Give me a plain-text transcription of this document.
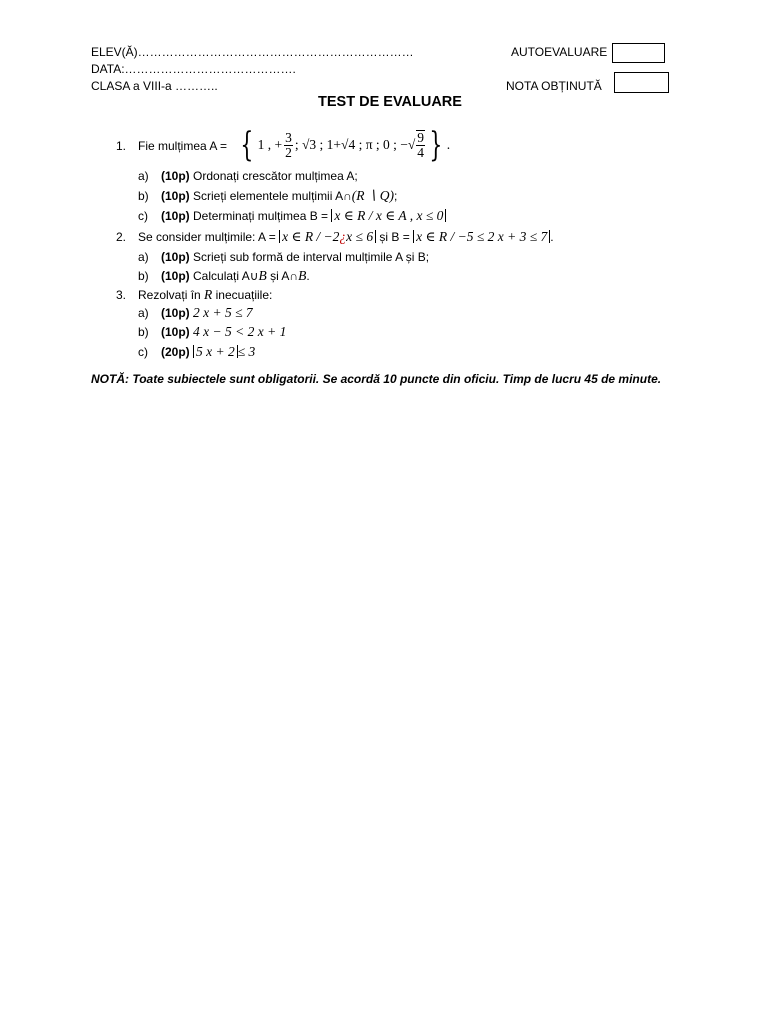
ELEV(Ă)……………………………………………………………
DATA:…………………………………….
CLASA a VIII-a ………..
AUTOEVALUARE
NOTA OBȚINUTĂ
TEST DE EVALUARE
1. Fie mulțimea A = { 1 , + $\frac{3}{2}$ ; √3 ; 1+√4 ; π ; 0 ; −√ $\frac{9}{4}$ } .
a) (10p) Ordonați crescător mulțimea A;
b) (10p) Scrieți elementele mulțimii A∩(R ∖ Q);
c) (10p) Determinați mulțimea B = x ∈ R / x ∈ A , x ≤ 0
2. Se consider mulțimile: A = x ∈ R / −2¿x ≤ 6 și B = x ∈ R / −5 ≤ 2 x + 3 ≤ 7 .
a) (10p) Scrieți sub formă de interval mulțimile A și B;
b) (10p) Calculați A∪B și A∩B.
3. Rezolvați în R inecuațiile:
a) (10p) 2 x + 5 ≤ 7
b) (10p) 4 x − 5 < 2 x + 1
c) (20p) 5 x + 2 ≤ 3
NOTĂ: Toate subiectele sunt obligatorii. Se acordă 10 puncte din oficiu. Timp de lucru 45 de minute.
